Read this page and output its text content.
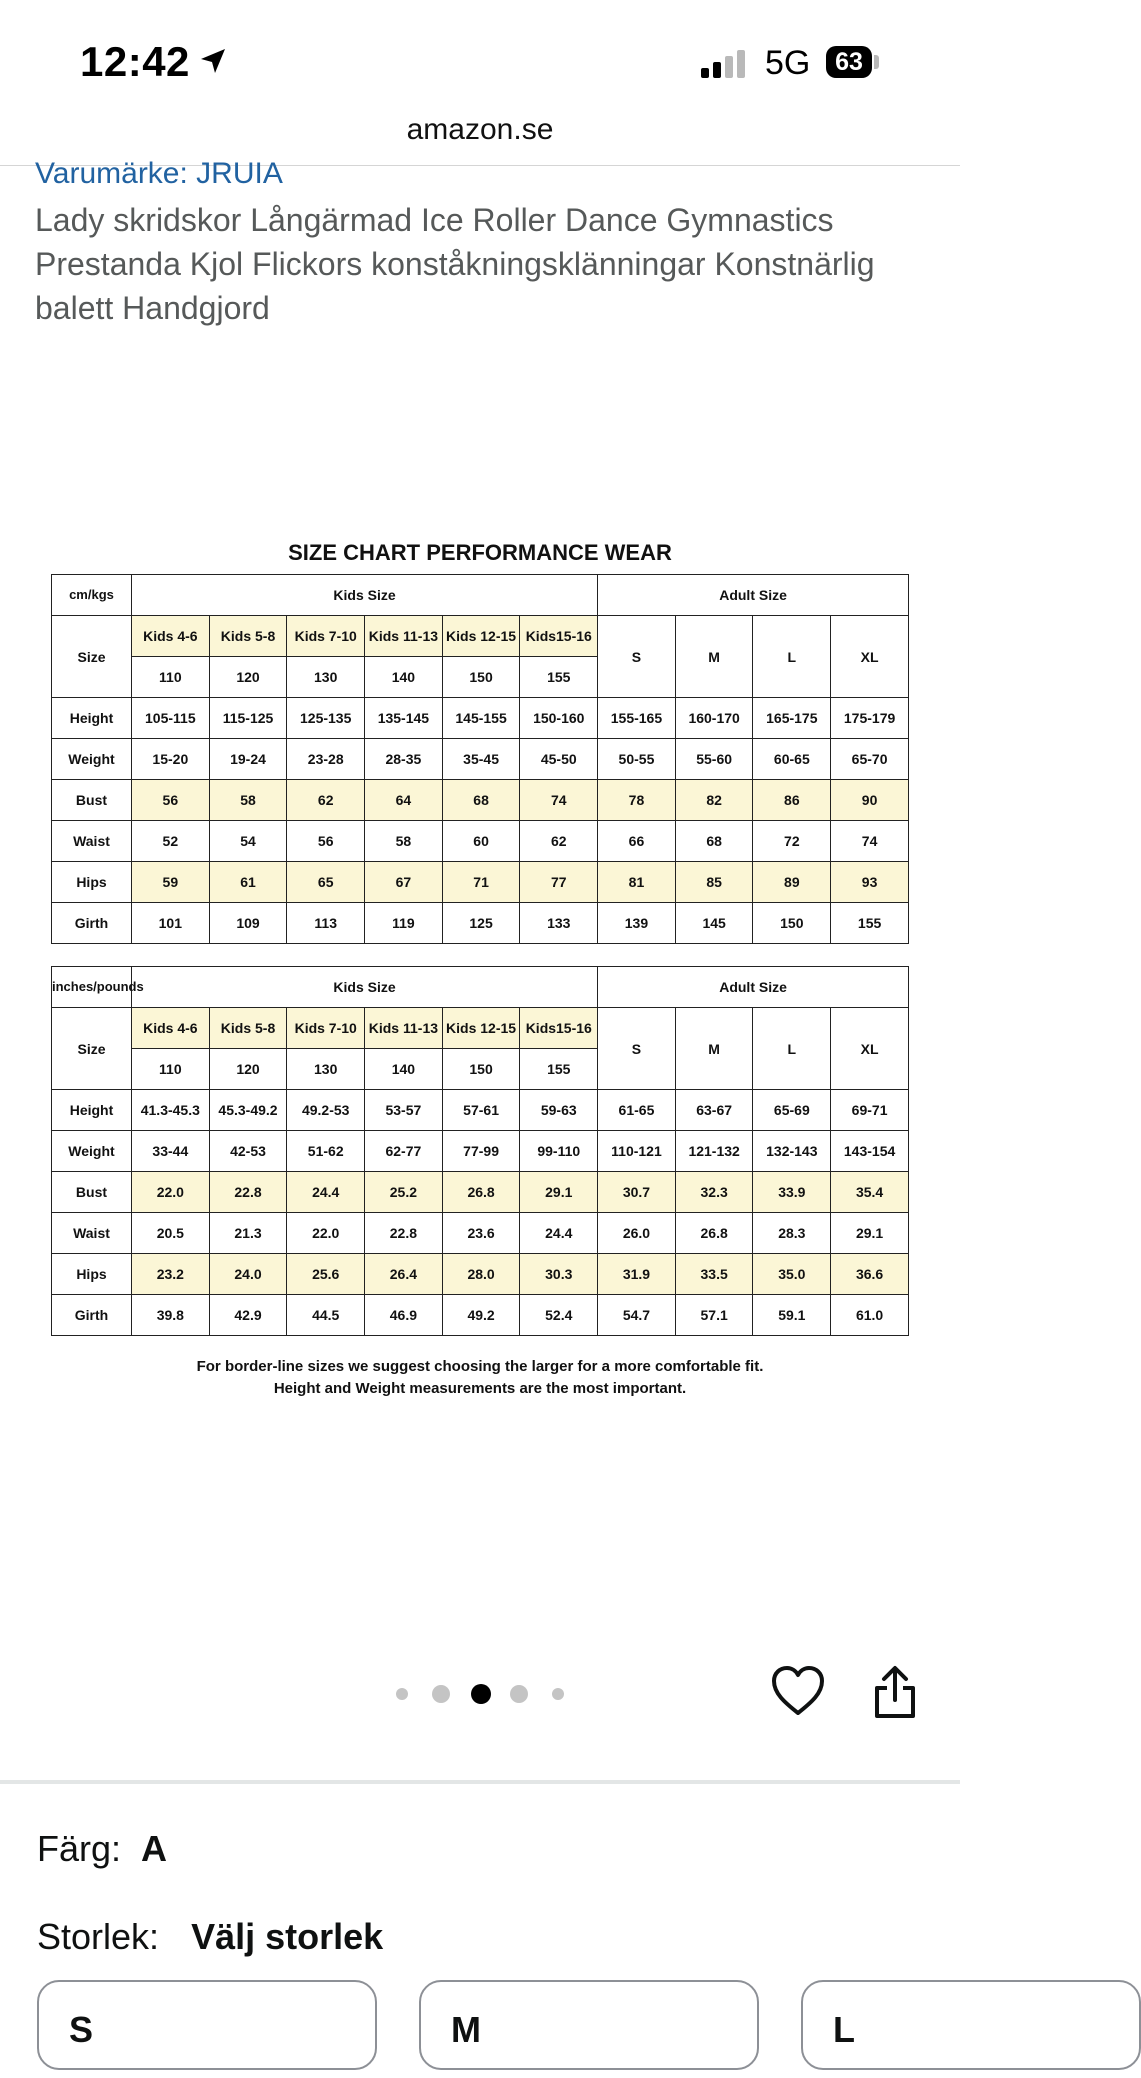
12:42	5G 63
amazon.se
Varumärke: JRUIA
Lady skridskor Långärmad Ice Roller Dance Gymnastics Prestanda Kjol Flickors konståkningsklänningar Konstnärlig balett Handgjord
SIZE CHART PERFORMANCE WEAR
cm/kgs	Kids Size						Adult Size			
Size	Kids 4-6	Kids 5-8	Kids 7-10	Kids 11-13	Kids 12-15	Kids15-16	S	M	L	XL
	110	120	130	140	150	155				
Height	105-115	115-125	125-135	135-145	145-155	150-160	155-165	160-170	165-175	175-179
Weight	15-20	19-24	23-28	28-35	35-45	45-50	50-55	55-60	60-65	65-70
Bust	56	58	62	64	68	74	78	82	86	90
Waist	52	54	56	58	60	62	66	68	72	74
Hips	59	61	65	67	71	77	81	85	89	93
Girth	101	109	113	119	125	133	139	145	150	155
inches/pounds	Kids Size						Adult Size			
Size	Kids 4-6	Kids 5-8	Kids 7-10	Kids 11-13	Kids 12-15	Kids15-16	S	M	L	XL
	110	120	130	140	150	155				
Height	41.3-45.3	45.3-49.2	49.2-53	53-57	57-61	59-63	61-65	63-67	65-69	69-71
Weight	33-44	42-53	51-62	62-77	77-99	99-110	110-121	121-132	132-143	143-154
Bust	22.0	22.8	24.4	25.2	26.8	29.1	30.7	32.3	33.9	35.4
Waist	20.5	21.3	22.0	22.8	23.6	24.4	26.0	26.8	28.3	29.1
Hips	23.2	24.0	25.6	26.4	28.0	30.3	31.9	33.5	35.0	36.6
Girth	39.8	42.9	44.5	46.9	49.2	52.4	54.7	57.1	59.1	61.0
For border-line sizes we suggest choosing the larger for a more comfortable fit.
Height and Weight measurements are the most important.
Färg: A
Storlek: Välj storlek
S	M	L
